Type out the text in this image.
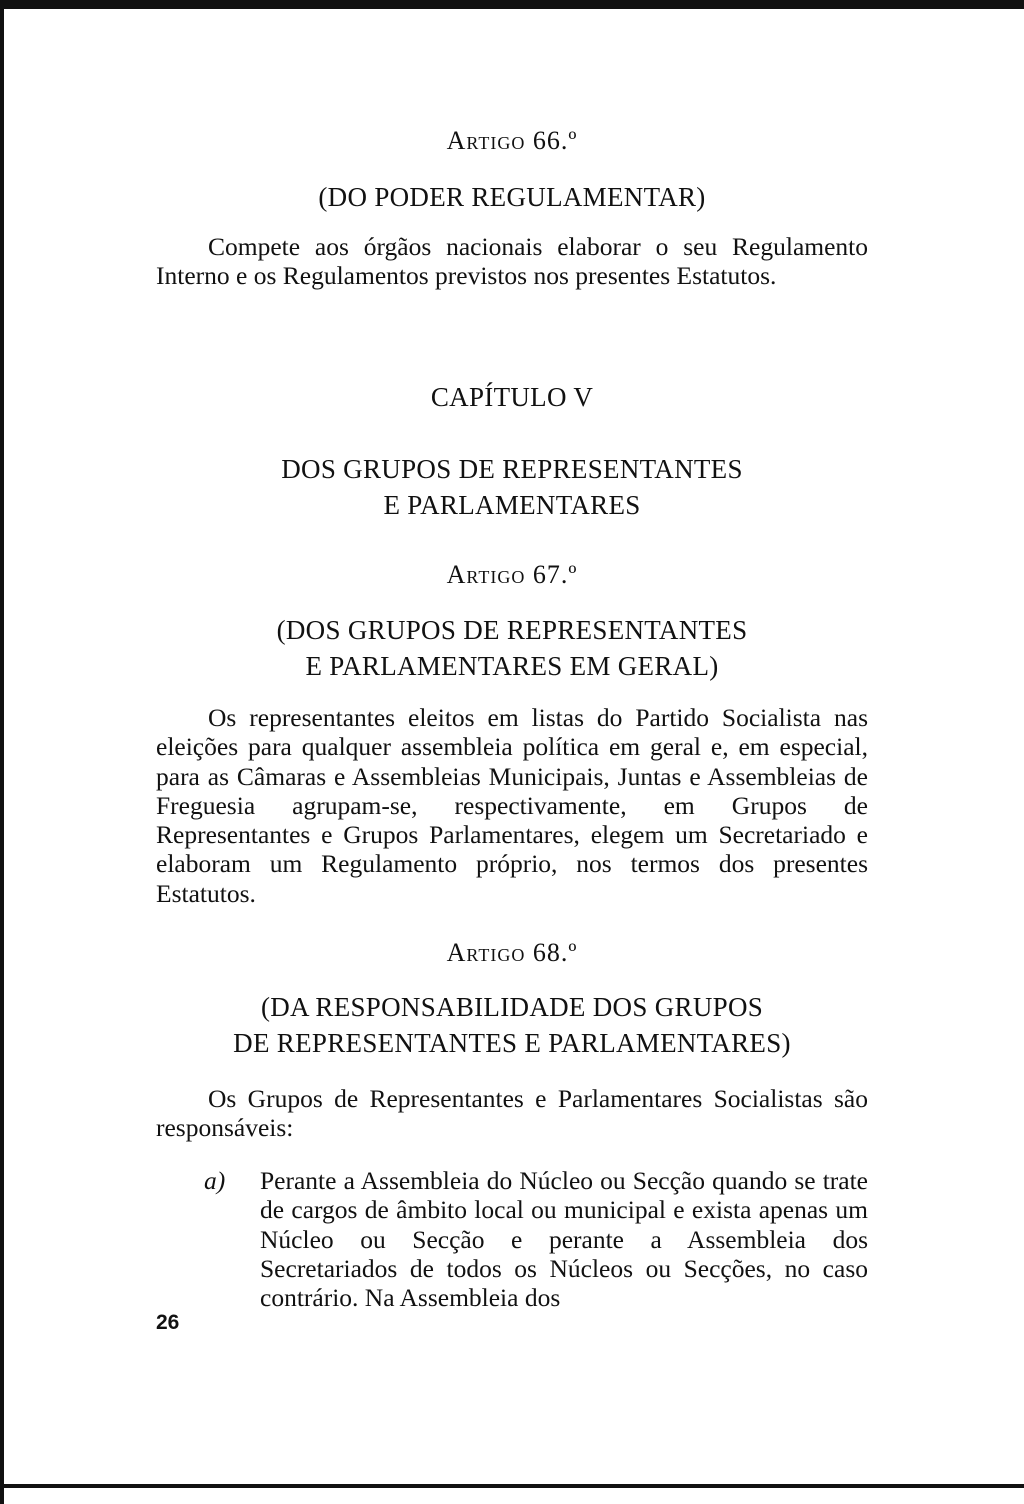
Artigo 66.º

(DO PODER REGULAMENTAR)

Compete aos órgãos nacionais elaborar o seu Regulamento Interno e os Regulamentos previstos nos presentes Estatutos.

CAPÍTULO V

DOS GRUPOS DE REPRESENTANTES

E PARLAMENTARES

Artigo 67.º

(DOS GRUPOS DE REPRESENTANTES

E PARLAMENTARES EM GERAL)

Os representantes eleitos em listas do Partido Socialista nas eleições para qualquer assembleia política em geral e, em especial, para as Câmaras e Assembleias Municipais, Juntas e Assembleias de Freguesia agrupam-se, respectivamente, em Grupos de Representantes e Grupos Parlamentares, elegem um Secretariado e elaboram um Regulamento próprio, nos termos dos presentes Estatutos.

Artigo 68.º

(DA RESPONSABILIDADE DOS GRUPOS

DE REPRESENTANTES E PARLAMENTARES)

Os Grupos de Representantes e Parlamentares Socialistas são responsáveis:

a) Perante a Assembleia do Núcleo ou Secção quando se trate de cargos de âmbito local ou municipal e exista apenas um Núcleo ou Secção e perante a Assembleia dos Secretariados de todos os Núcleos ou Secções, no caso contrário. Na Assembleia dos

26
